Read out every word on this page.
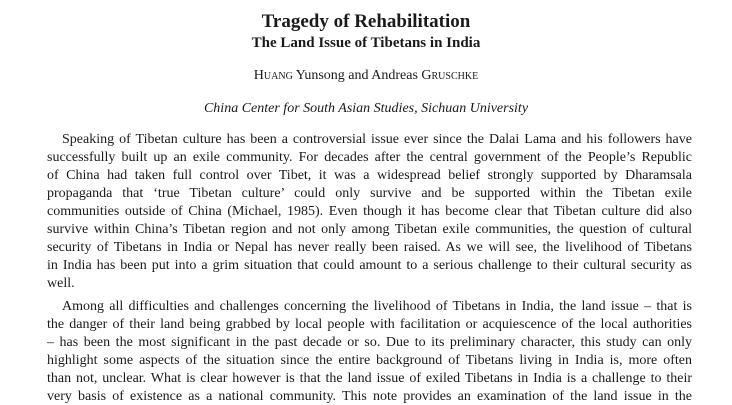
Tragedy of Rehabilitation
The Land Issue of Tibetans in India
Huang Yunsong and Andreas Gruschke
China Center for South Asian Studies, Sichuan University
Speaking of Tibetan culture has been a controversial issue ever since the Dalai Lama and his followers have
successfully built up an exile community. For decades after the central government of the People’s Republic
of China had taken full control over Tibet, it was a widespread belief strongly supported by Dharamsala
propaganda that ‘true Tibetan culture’ could only survive and be supported within the Tibetan exile
communities outside of China (Michael, 1985). Even though it has become clear that Tibetan culture did also
survive within China’s Tibetan region and not only among Tibetan exile communities, the question of cultural
security of Tibetans in India or Nepal has never really been raised. As we will see, the livelihood of Tibetans
in India has been put into a grim situation that could amount to a serious challenge to their cultural security as
well.
Among all difficulties and challenges concerning the livelihood of Tibetans in India, the land issue – that is
the danger of their land being grabbed by local people with facilitation or acquiescence of the local authorities
– has been the most significant in the past decade or so. Due to its preliminary character, this study can only
highlight some aspects of the situation since the entire background of Tibetans living in India is, more often
than not, unclear. What is clear however is that the land issue of exiled Tibetans in India is a challenge to their
very basis of existence as a national community. This note provides an examination of the land issue in the
